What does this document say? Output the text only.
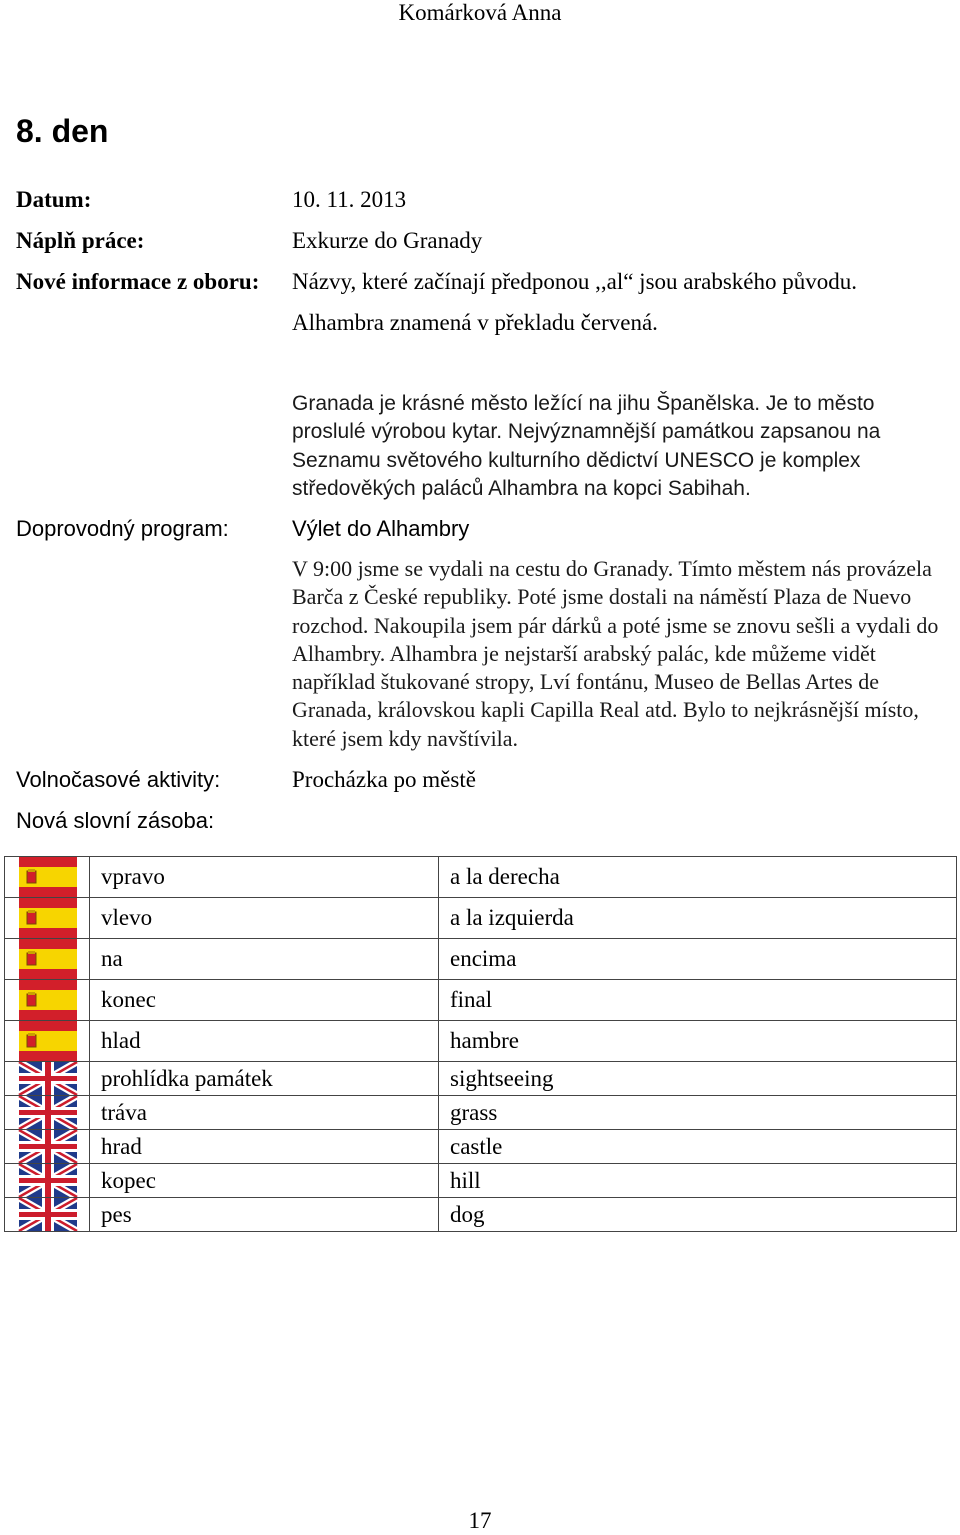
Komárková Anna
8. den
Datum:	10. 11. 2013
Náplň práce:	Exkurze do Granady
Nové informace z oboru: Názvy, které začínají předponou ,,al“ jsou arabského původu.
Alhambra znamená v překladu červená.
Granada je krásné město ležící na jihu Španělska. Je to město proslulé výrobou kytar. Nejvýznamnější památkou zapsanou na Seznamu světového kulturního dědictví UNESCO je komplex středověkých paláců Alhambra na kopci Sabihah.
Doprovodný program:	Výlet do Alhambry
V 9:00 jsme se vydali na cestu do Granady. Tímto městem nás provázela Barča z České republiky. Poté jsme dostali na náměstí Plaza de Nuevo rozchod. Nakoupila jsem pár dárků a poté jsme se znovu sešli a vydali do Alhambry. Alhambra je nejstarší arabský palác, kde můžeme vidět například štukované stropy, Lví fontánu, Museo de Bellas Artes de Granada, královskou kapli Capilla Real atd. Bylo to nejkrásnější místo, které jsem kdy navštívila.
Volnočasové aktivity:	Procházka po městě
Nová slovní zásoba:
	vpravo	a la derecha

	vlevo	a la izquierda

	na	encima

	konec	final

	hlad	hambre

	prohlídka památek	sightseeing

	tráva	grass

	hrad	castle

	kopec	hill

	pes	dog
17
